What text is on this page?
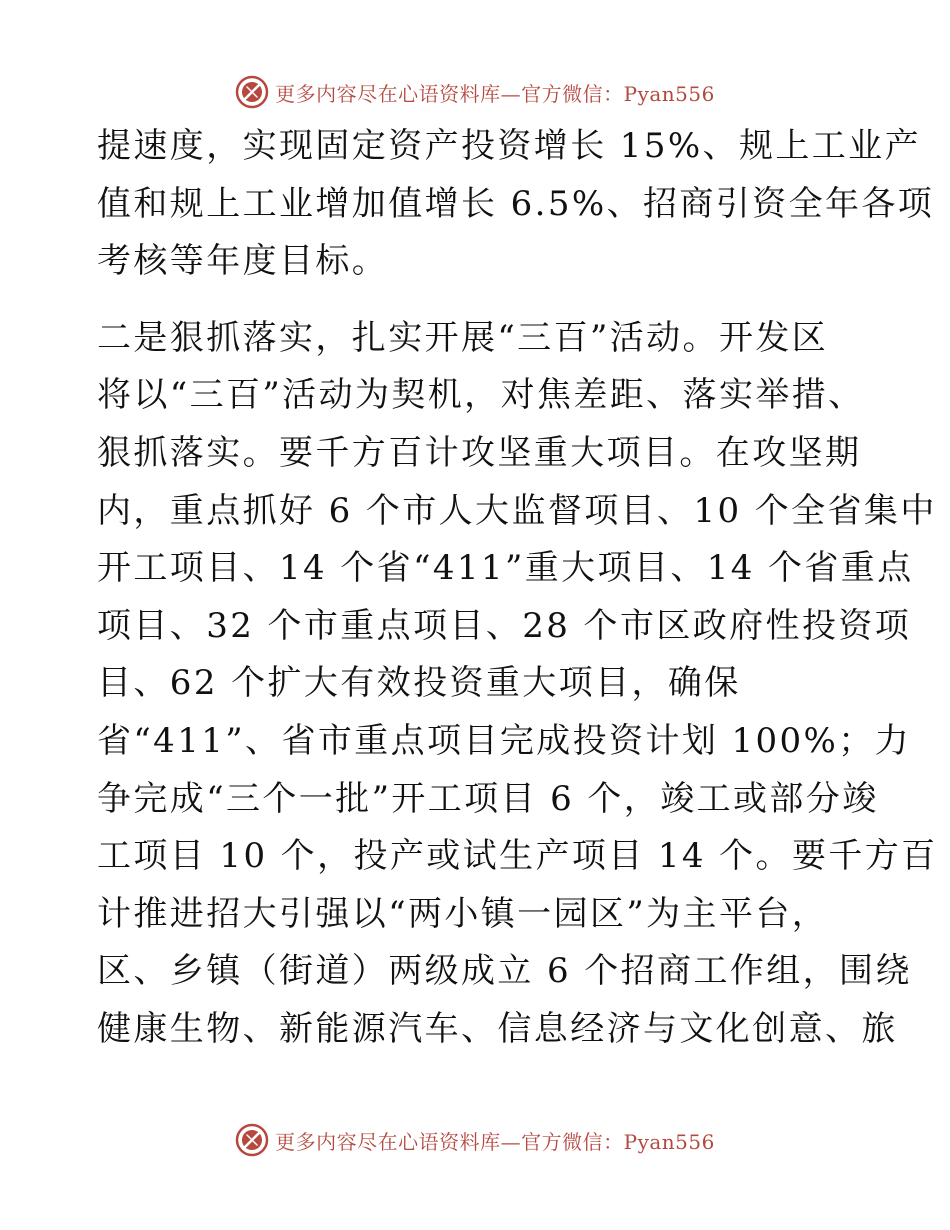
更多内容尽在心语资料库—官方微信：Pyan556
提速度，实现固定资产投资增长 15%、规上工业产
值和规上工业增加值增长 6.5%、招商引资全年各项
考核等年度目标。
二是狠抓落实，扎实开展“三百”活动。开发区
将以“三百”活动为契机，对焦差距、落实举措、
狠抓落实。要千方百计攻坚重大项目。在攻坚期
内，重点抓好 6 个市人大监督项目、10 个全省集中
开工项目、14 个省“411”重大项目、14 个省重点
项目、32 个市重点项目、28 个市区政府性投资项
目、62 个扩大有效投资重大项目，确保
省“411”、省市重点项目完成投资计划 100%；力
争完成“三个一批”开工项目 6 个，竣工或部分竣
工项目 10 个，投产或试生产项目 14 个。要千方百
计推进招大引强以“两小镇一园区”为主平台，
区、乡镇（街道）两级成立 6 个招商工作组，围绕
健康生物、新能源汽车、信息经济与文化创意、旅
更多内容尽在心语资料库—官方微信：Pyan556
